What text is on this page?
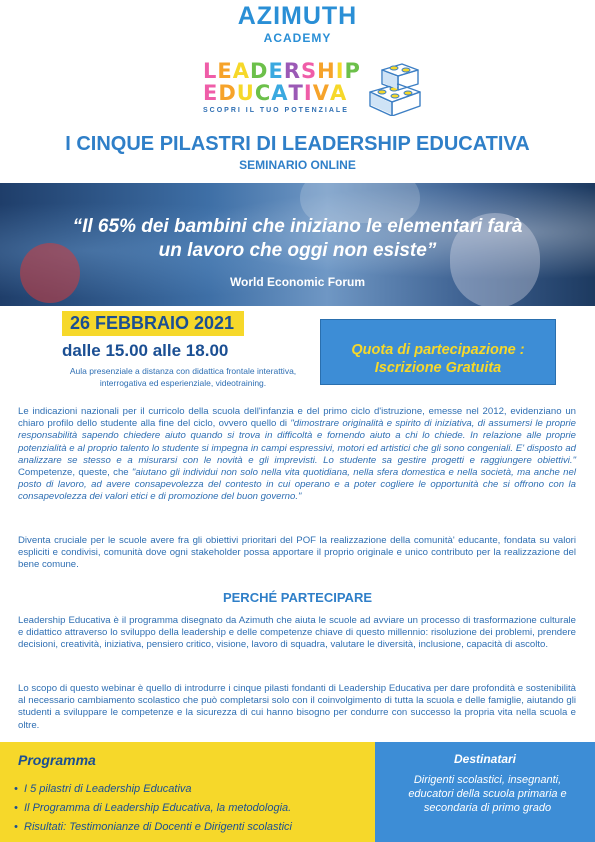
AZIMUTH
ACADEMY
LEADERSHIP
EDUCATIVA
SCOPRI IL TUO POTENZIALE
I CINQUE PILASTRI DI LEADERSHIP EDUCATIVA
SEMINARIO ONLINE
“Il 65% dei bambini che iniziano le elementari farà
un lavoro che oggi non esiste”
World Economic Forum
26 FEBBRAIO 2021
dalle 15.00 alle 18.00
Aula presenziale a distanza con didattica frontale interattiva,
interrogativa ed esperienziale, videotraining.
Quota di partecipazione :
Iscrizione Gratuita
Le indicazioni nazionali per il curricolo della scuola dell'infanzia e del primo ciclo d'istruzione, emesse nel 2012, evidenziano un chiaro profilo dello studente alla fine del ciclo, ovvero quello di "dimostrare originalità e spirito di iniziativa, di assumersi le proprie responsabilità sapendo chiedere aiuto quando si trova in difficoltà e fornendo aiuto a chi lo chiede. In relazione alle proprie potenzialità e al proprio talento lo studente si impegna in campi espressivi, motori ed artistici che gli sono congeniali. E' disposto ad analizzare se stesso e a misurarsi con le novità e gli imprevisti. Lo studente sa gestire progetti e raggiungere obiettivi." Competenze, queste, che "aiutano gli individui non solo nella vita quotidiana, nella sfera domestica e nella società, ma anche nel posto di lavoro, ad avere consapevolezza del contesto in cui operano e a poter cogliere le opportunità che si offrono con la consapevolezza dei valori etici e di promozione del buon governo."
Diventa cruciale per le scuole avere fra gli obiettivi prioritari del POF la realizzazione della comunità' educante, fondata su valori espliciti e condivisi, comunità dove ogni stakeholder possa apportare il proprio originale e unico contributo per la realizzazione del bene comune.
PERCHÉ PARTECIPARE
Leadership Educativa è il programma disegnato da Azimuth che aiuta le scuole ad avviare un processo di trasformazione culturale e didattico attraverso lo sviluppo della leadership e delle competenze chiave di questo millennio: risoluzione dei problemi, prendere decisioni, creatività, iniziativa, pensiero critico, visione, lavoro di squadra, valutare le diversità, inclusione, capacità di ascolto.
Lo scopo di questo webinar è quello di introdurre i cinque pilasti fondanti di Leadership Educativa per dare profondità e sostenibilità al necessario cambiamento scolastico che può completarsi solo con il coinvolgimento di tutta la scuola e delle famiglie, aiutando gli studenti a sviluppare le competenze e la sicurezza di cui hanno bisogno per condurre con successo la propria vita nella scuola e oltre.
Programma
• I 5 pilastri di Leadership Educativa
• Il Programma di Leadership Educativa, la metodologia.
• Risultati: Testimonianze di Docenti e Dirigenti scolastici
Destinatari
Dirigenti scolastici, insegnanti, educatori della scuola primaria e secondaria di primo grado
